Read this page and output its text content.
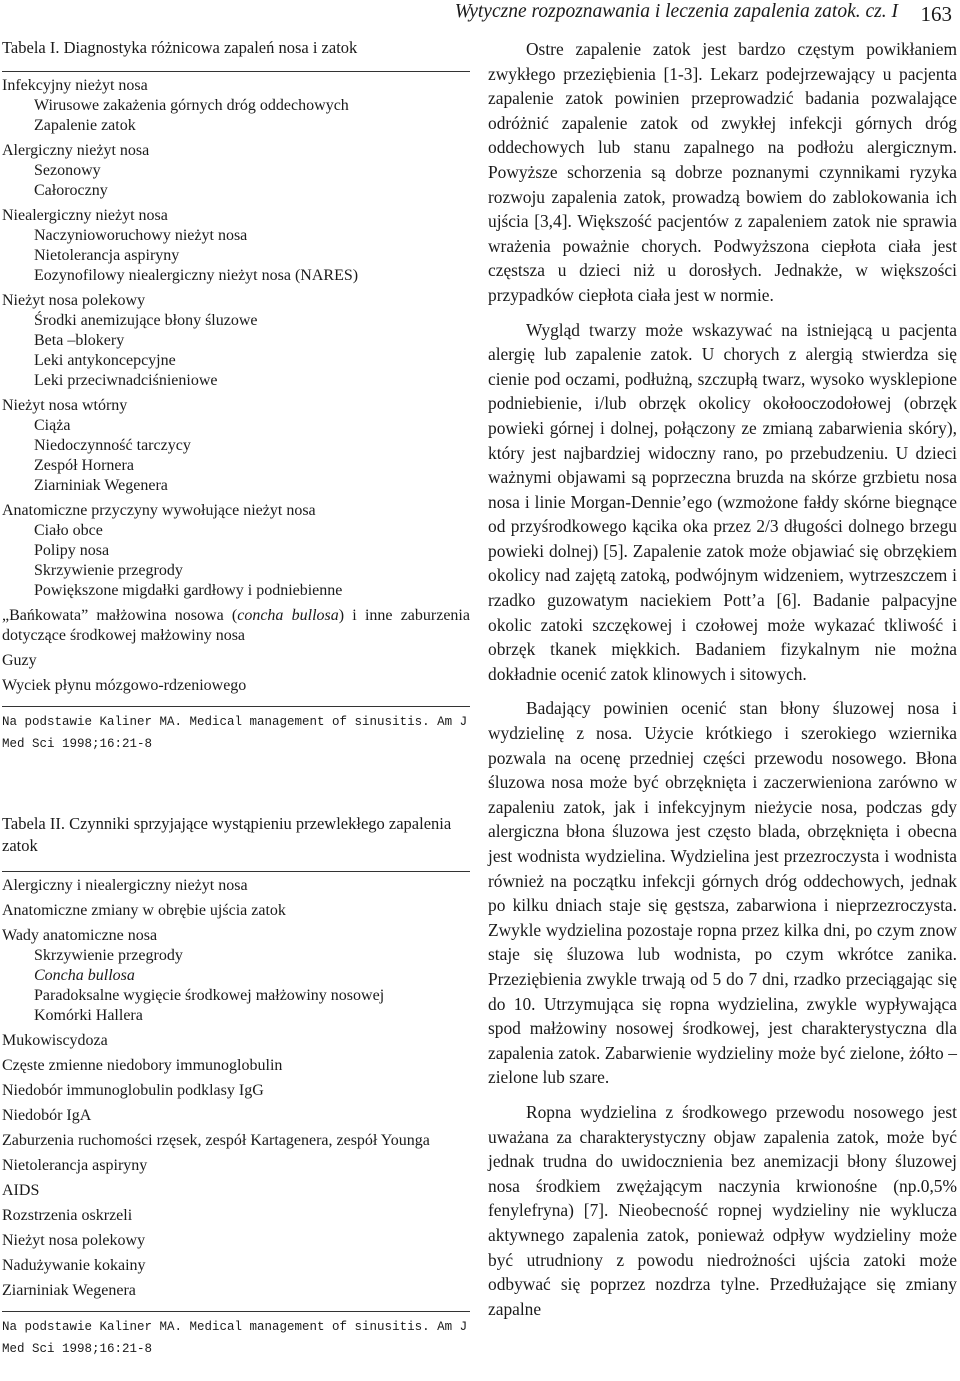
Wytyczne rozpoznawania i leczenia zapalenia zatok. cz. I 163

Tabela I. Diagnostyka różnicowa zapaleń nosa i zatok

Infekcyjny nieżyt nosa

Wirusowe zakażenia górnych dróg oddechowych

Zapalenie zatok

Alergiczny nieżyt nosa

Sezonowy

Całoroczny

Niealergiczny nieżyt nosa

Naczynioworuchowy nieżyt nosa

Nietolerancja aspiryny

Eozynofilowy niealergiczny nieżyt nosa (NARES)

Nieżyt nosa polekowy

Środki anemizujące błony śluzowe

Beta –blokery

Leki antykoncepcyjne

Leki przeciwnadciśnieniowe

Nieżyt nosa wtórny

Ciąża

Niedoczynność tarczycy

Zespół Hornera

Ziarniniak Wegenera

Anatomiczne przyczyny wywołujące nieżyt nosa

Ciało obce

Polipy nosa

Skrzywienie przegrody

Powiększone migdałki gardłowy i podniebienne

„Bańkowata” małżowina nosowa (concha bullosa) i inne zaburzenia dotyczące środkowej małżowiny nosa

Guzy

Wyciek płynu mózgowo-rdzeniowego

Na podstawie Kaliner MA. Medical management of sinusitis. Am J Med Sci 1998;16:21-8

Tabela II. Czynniki sprzyjające wystąpieniu przewlekłego zapalenia zatok

Alergiczny i niealergiczny nieżyt nosa

Anatomiczne zmiany w obrębie ujścia zatok

Wady anatomiczne nosa

Skrzywienie przegrody

Concha bullosa

Paradoksalne wygięcie środkowej małżowiny nosowej

Komórki Hallera

Mukowiscydoza

Częste zmienne niedobory immunoglobulin

Niedobór immunoglobulin podklasy IgG

Niedobór IgA

Zaburzenia ruchomości rzęsek, zespół Kartagenera, zespół Younga

Nietolerancja aspiryny

AIDS

Rozstrzenia oskrzeli

Nieżyt nosa polekowy

Nadużywanie kokainy

Ziarniniak Wegenera

Na podstawie Kaliner MA. Medical management of sinusitis. Am J Med Sci 1998;16:21-8

Ostre zapalenie zatok jest bardzo częstym powikłaniem zwykłego przeziębienia [1-3]. Lekarz podejrzewający u pacjenta zapalenie zatok powinien przeprowadzić badania pozwalające odróżnić zapalenie zatok od zwykłej infekcji górnych dróg oddechowych lub stanu zapalnego na podłożu alergicznym. Powyższe schorzenia są dobrze poznanymi czynnikami ryzyka rozwoju zapalenia zatok, prowadzą bowiem do zablokowania ich ujścia [3,4]. Większość pacjentów z zapaleniem zatok nie sprawia wrażenia poważnie chorych. Podwyższona ciepłota ciała jest częstsza u dzieci niż u dorosłych. Jednakże, w większości przypadków ciepłota ciała jest w normie.

Wygląd twarzy może wskazywać na istniejącą u pacjenta alergię lub zapalenie zatok. U chorych z alergią stwierdza się cienie pod oczami, podłużną, szczupłą twarz, wysoko wysklepione podniebienie, i/lub obrzęk okolicy okołooczodołowej (obrzęk powieki górnej i dolnej, połączony ze zmianą zabarwienia skóry), który jest najbardziej widoczny rano, po przebudzeniu. U dzieci ważnymi objawami są poprzeczna bruzda na skórze grzbietu nosa nosa i linie Morgan-Dennie’ego (wzmożone fałdy skórne biegnące od przyśrodkowego kącika oka przez 2/3 długości dolnego brzegu powieki dolnej) [5]. Zapalenie zatok może objawiać się obrzękiem okolicy nad zajętą zatoką, podwójnym widzeniem, wytrzeszczem i rzadko guzowatym naciekiem Pott’a [6]. Badanie palpacyjne okolic zatoki szczękowej i czołowej może wykazać tkliwość i obrzęk tkanek miękkich. Badaniem fizykalnym nie można dokładnie ocenić zatok klinowych i sitowych.

Badający powinien ocenić stan błony śluzowej nosa i wydzielinę z nosa. Użycie krótkiego i szerokiego wziernika pozwala na ocenę przedniej części przewodu nosowego. Błona śluzowa nosa może być obrzęknięta i zaczerwieniona zarówno w zapaleniu zatok, jak i infekcyjnym nieżycie nosa, podczas gdy alergiczna błona śluzowa jest często blada, obrzęknięta i obecna jest wodnista wydzielina. Wydzielina jest przezroczysta i wodnista również na początku infekcji górnych dróg oddechowych, jednak po kilku dniach staje się gęstsza, zabarwiona i nieprzezroczysta. Zwykle wydzielina pozostaje ropna przez kilka dni, po czym znow staje się śluzowa lub wodnista, po czym wkrótce zanika. Przeziębienia zwykle trwają od 5 do 7 dni, rzadko przeciągając się do 10. Utrzymująca się ropna wydzielina, zwykle wypływająca spod małżowiny nosowej środkowej, jest charakterystyczna dla zapalenia zatok. Zabarwienie wydzieliny może być zielone, żółto – zielone lub szare.

Ropna wydzielina z środkowego przewodu nosowego jest uważana za charakterystyczny objaw zapalenia zatok, może być jednak trudna do uwidocznienia bez anemizacji błony śluzowej nosa środkiem zwężającym naczynia krwionośne (np.0,5% fenylefryna) [7]. Nieobecność ropnej wydzieliny nie wyklucza aktywnego zapalenia zatok, ponieważ odpływ wydzieliny może być utrudniony z powodu niedrożności ujścia zatoki może odbywać się poprzez nozdrza tylne. Przedłużające się zmiany zapalne
